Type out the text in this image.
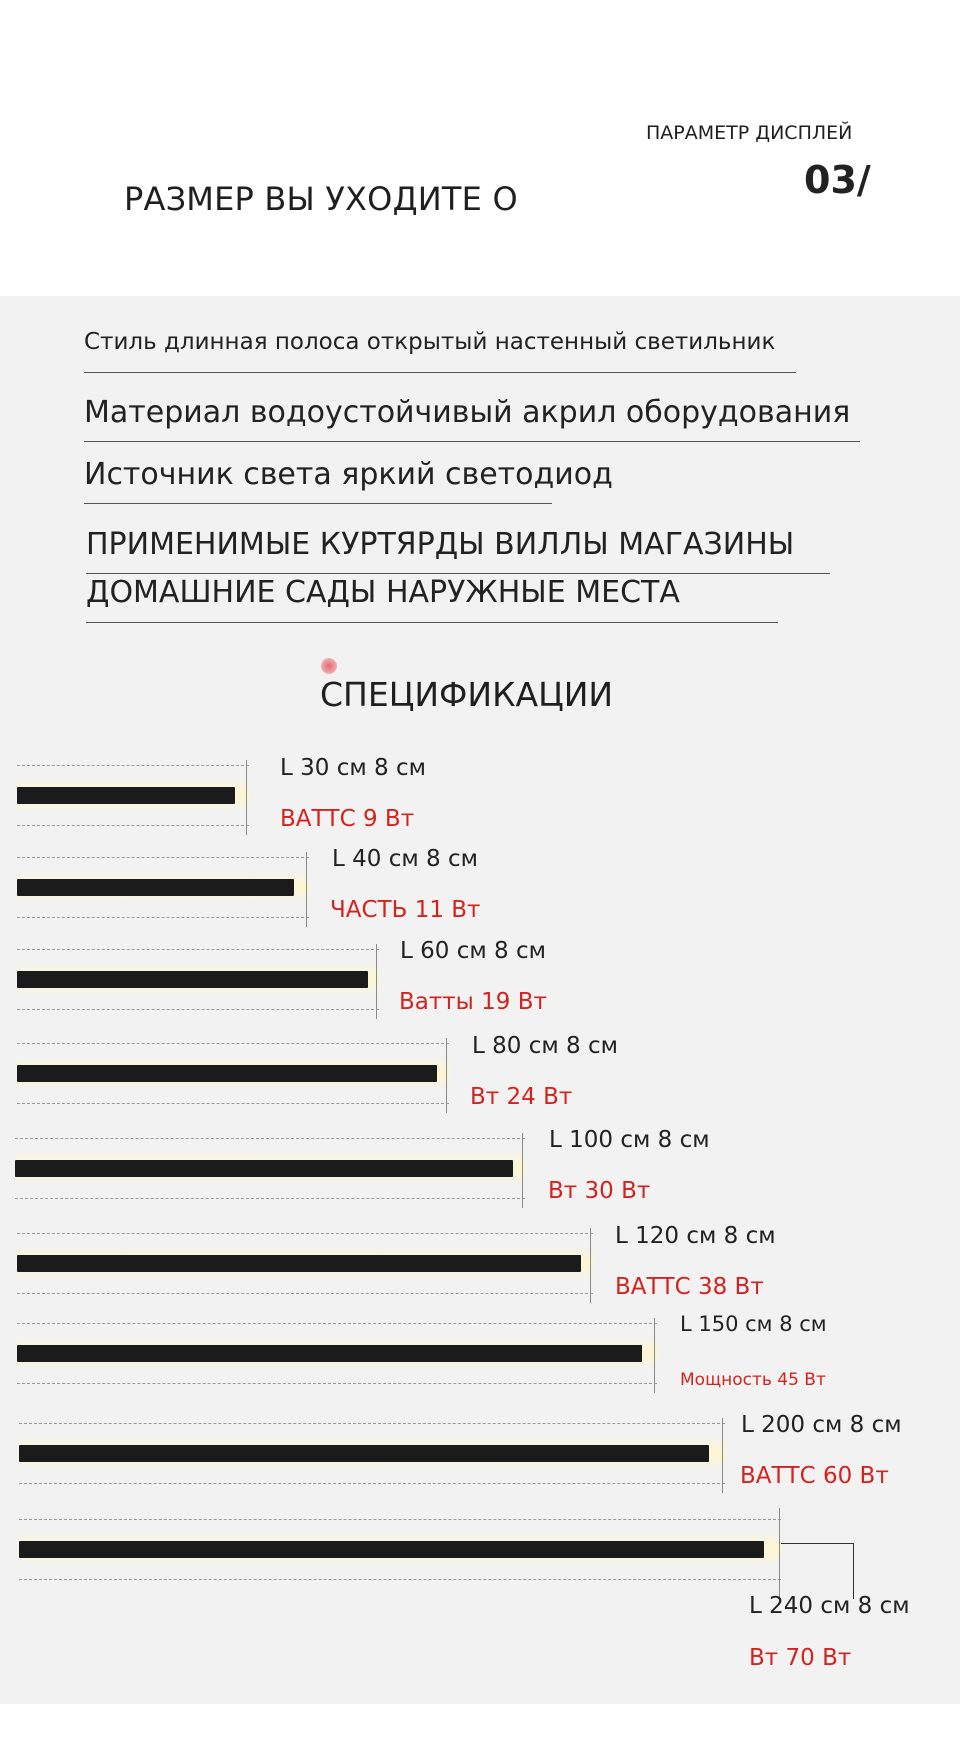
ПАРАМЕТР ДИСПЛЕЙ
03/
РАЗМЕР ВЫ УХОДИТЕ О
Стиль длинная полоса открытый настенный светильник
Материал водоустойчивый акрил оборудования
Источник света яркий светодиод
ПРИМЕНИМЫЕ КУРТЯРДЫ ВИЛЛЫ МАГАЗИНЫ
ДОМАШНИЕ САДЫ НАРУЖНЫЕ МЕСТА
СПЕЦИФИКАЦИИ
L 30 см 8 см
ВАТТС 9 Вт
L 40 см 8 см
ЧАСТЬ 11 Вт
L 60 см 8 см
Ватты 19 Вт
L 80 см 8 см
Вт 24 Вт
L 100 см 8 см
Вт 30 Вт
L 120 см 8 см
ВАТТС 38 Вт
L 150 см 8 см
Мощность 45 Вт
L 200 см 8 см
ВАТТС 60 Вт
L 240 см 8 см
Вт 70 Вт
